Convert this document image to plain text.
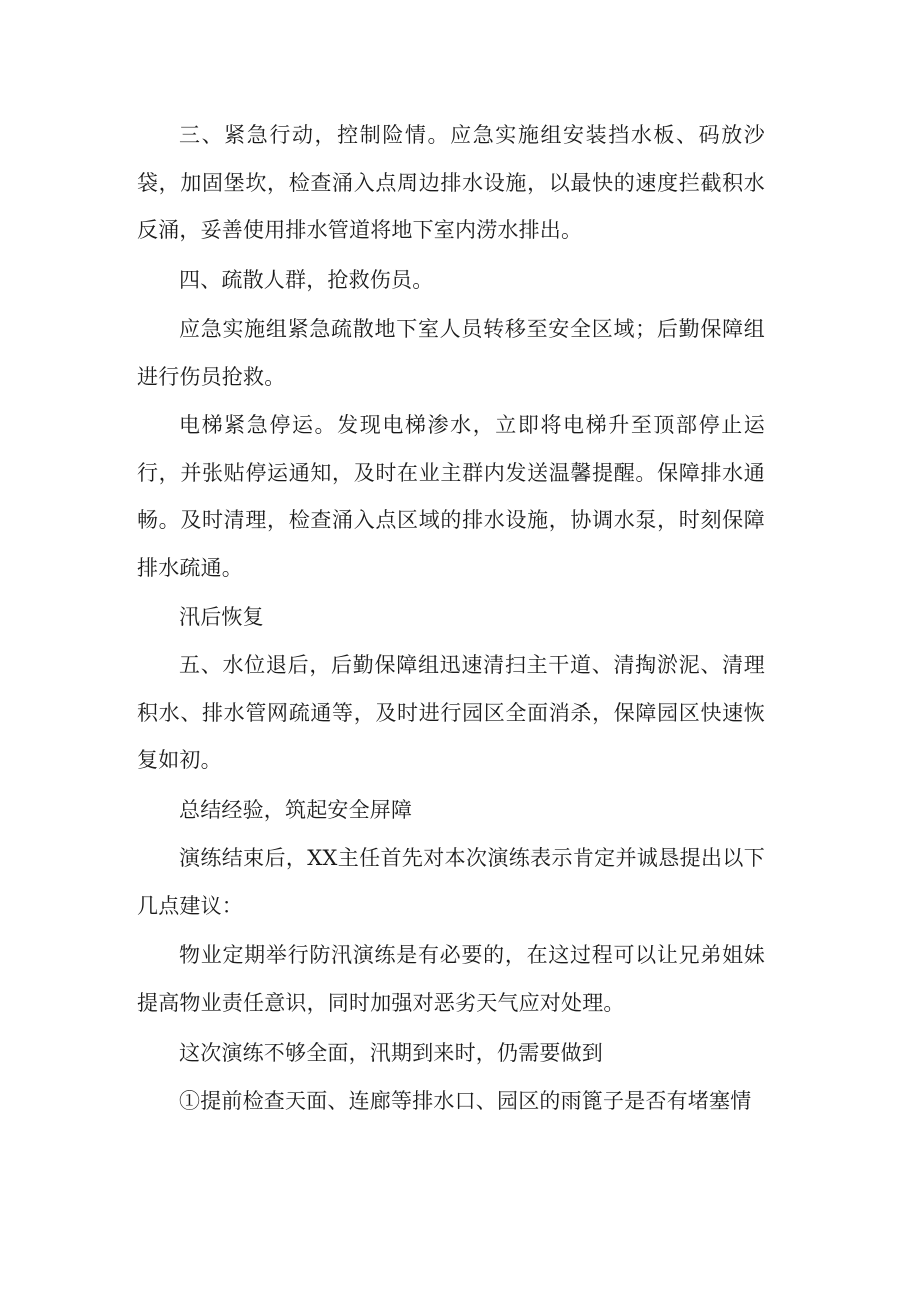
三、紧急行动，控制险情。应急实施组安装挡水板、码放沙袋，加固堡坎，检查涌入点周边排水设施，以最快的速度拦截积水反涌，妥善使用排水管道将地下室内涝水排出。

四、疏散人群，抢救伤员。

应急实施组紧急疏散地下室人员转移至安全区域；后勤保障组进行伤员抢救。

电梯紧急停运。发现电梯渗水，立即将电梯升至顶部停止运行，并张贴停运通知，及时在业主群内发送温馨提醒。保障排水通畅。及时清理，检查涌入点区域的排水设施，协调水泵，时刻保障排水疏通。

汛后恢复

五、水位退后，后勤保障组迅速清扫主干道、清掏淤泥、清理积水、排水管网疏通等，及时进行园区全面消杀，保障园区快速恢复如初。

总结经验，筑起安全屏障

演练结束后，XX主任首先对本次演练表示肯定并诚恳提出以下几点建议：

物业定期举行防汛演练是有必要的，在这过程可以让兄弟姐妹提高物业责任意识，同时加强对恶劣天气应对处理。

这次演练不够全面，汛期到来时，仍需要做到

①提前检查天面、连廊等排水口、园区的雨篦子是否有堵塞情
